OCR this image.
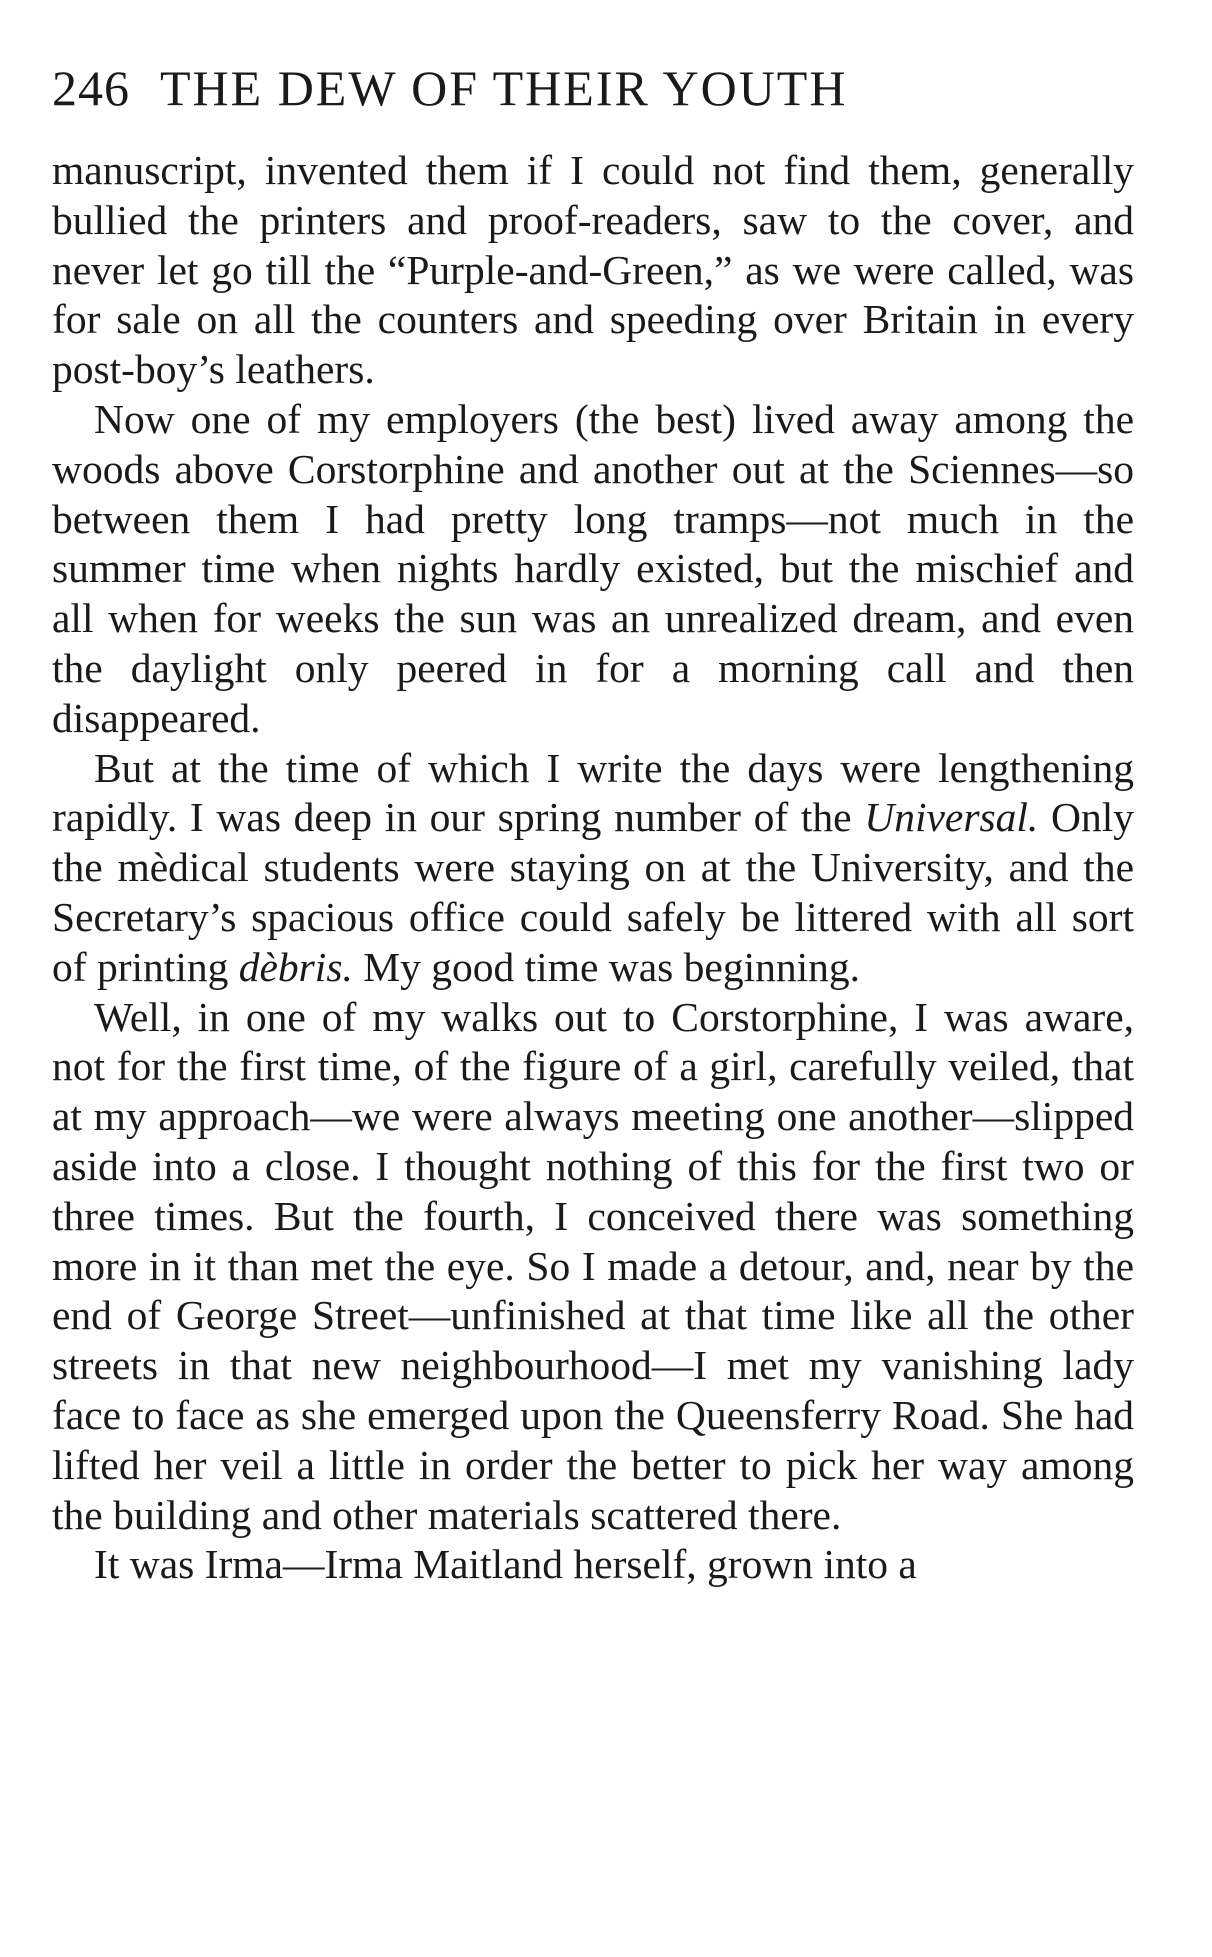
246 THE DEW OF THEIR YOUTH

manuscript, invented them if I could not find them, generally bullied the printers and proof-readers, saw to the cover, and never let go till the “Purple-and-Green,” as we were called, was for sale on all the counters and speeding over Britain in every post-boy’s leathers.

Now one of my employers (the best) lived away among the woods above Corstorphine and another out at the Sciennes—so between them I had pretty long tramps—not much in the summer time when nights hardly existed, but the mischief and all when for weeks the sun was an unrealized dream, and even the daylight only peered in for a morning call and then disappeared.

But at the time of which I write the days were lengthening rapidly. I was deep in our spring number of the Universal. Only the mèdical students were staying on at the University, and the Secretary’s spacious office could safely be littered with all sort of printing dèbris. My good time was beginning.

Well, in one of my walks out to Corstorphine, I was aware, not for the first time, of the figure of a girl, carefully veiled, that at my approach—we were always meeting one another—slipped aside into a close. I thought nothing of this for the first two or three times. But the fourth, I conceived there was something more in it than met the eye. So I made a detour, and, near by the end of George Street—unfinished at that time like all the other streets in that new neighbourhood—I met my vanishing lady face to face as she emerged upon the Queensferry Road. She had lifted her veil a little in order the better to pick her way among the building and other materials scattered there.

It was Irma—Irma Maitland herself, grown into a
